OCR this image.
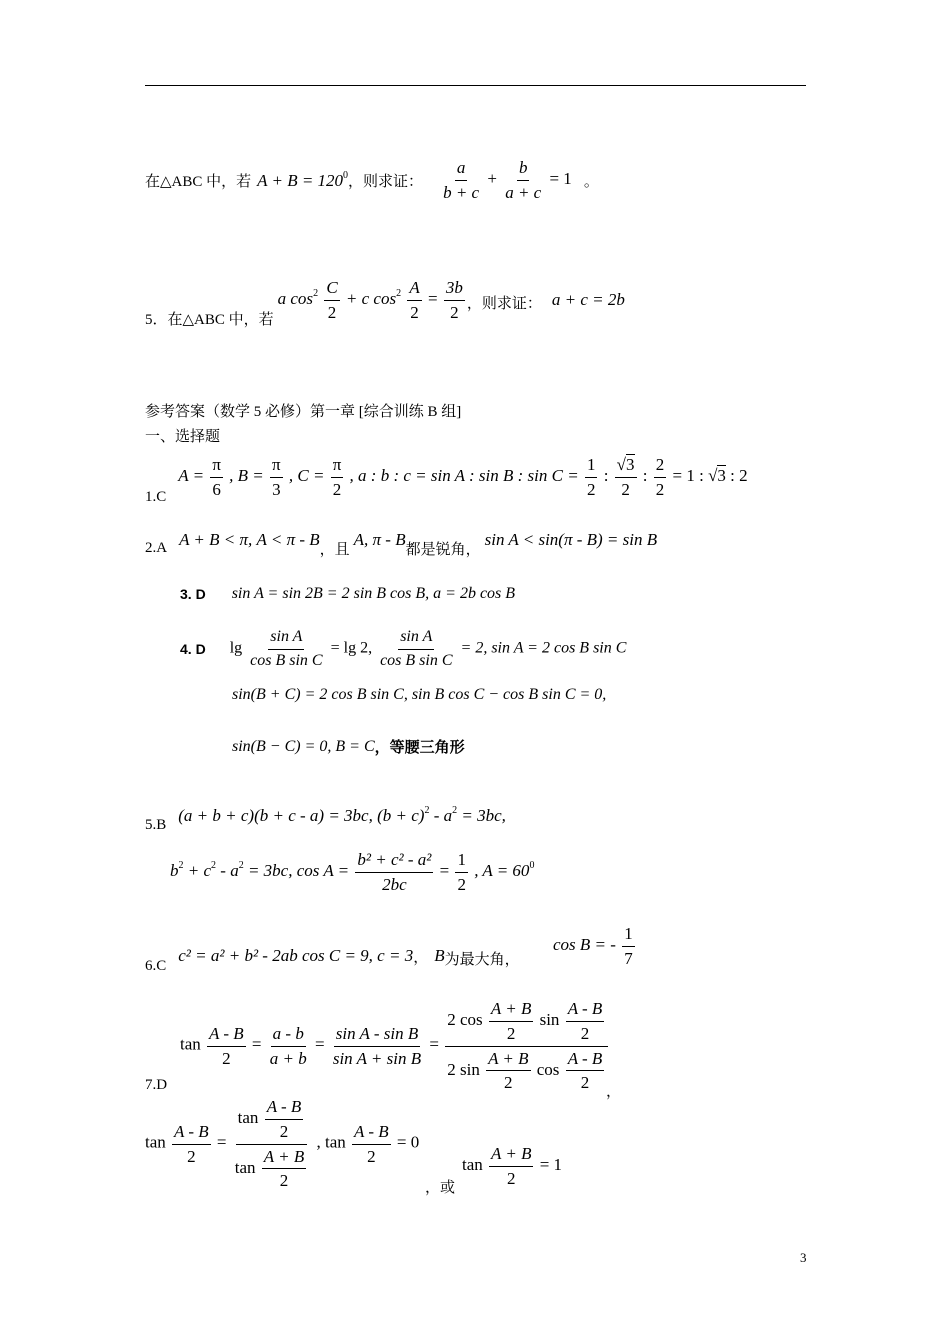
在△ABC 中，若 $A + B = 120^0$ ，则求证： $\frac{a}{b + c} + \frac{b}{a + c} = 1$ 。
5．在△ABC 中，若
a $\cos^2 \frac{C}{2} + c$ $\cos^2 \frac{A}{2} = \frac{3b}{2}$ ，则求证： a + c = 2b
参考答案（数学 5 必修）第一章 [综合训练 B 组]
一、选择题
1.C
$A = \frac{\pi}{6}$ , $B = \frac{\pi}{3}$ , $C = \frac{\pi}{2}$ , a : b : c = sin A : sin B : $\sin C = \frac{1}{2}$ : $\frac{√3}{2}$ : $\frac{2}{2} = 1$ : √3 : 2
2.A A + B < π, A < π - B
，且
A, π - B
都是锐角，
sin A < sin(π - B) = sin B
3. D sin A = sin 2B = 2 sin B cos B, a = 2b cos B
4. D $\lg \frac{\text{sin A}}{\text{cos B sin C}} = \lg 2$, $\frac{\text{sin A}}{\text{cos B sin C}} = 2$, sin A = 2 cos B sin C
sin(B + C) = 2 cos B sin C, sin B cos C − cos B sin C = 0,
sin(B − C) = 0, B = C ，等腰三角形
5.B (a + b + c)(b + c - a) = 3bc, $(b + c)^2 - a^2 = 3bc$,
$b^2 + c^2 - a^2 = 3bc$, $\cos A = \frac{\text{b² + c² - a²}}{2bc} = \frac{1}{2}$ , $A = 60^0$
6.C
c² = a² + b² - 2ab cos C = 9, c = 3 ， B 为最大角，
cos B = - $\frac{1}{7}$
$\tan \frac{A - B}{2} = \frac{a - b}{a + b} = \frac{\text{sin A - sin B}}{\text{sin A + sin B}} = \frac{2 \cos \frac{A + B}{2} \sin \frac{A - B}{2}}{2 \sin \frac{A + B}{2} \cos \frac{A - B}{2}}$
7.D	，
$\tan \frac{A - B}{2} = \frac{\tan \frac{A - B}{2}}{\tan \frac{A + B}{2}}$ , $\tan \frac{A - B}{2} = 0$
，或
$\tan \frac{A + B}{2} = 1$
3
